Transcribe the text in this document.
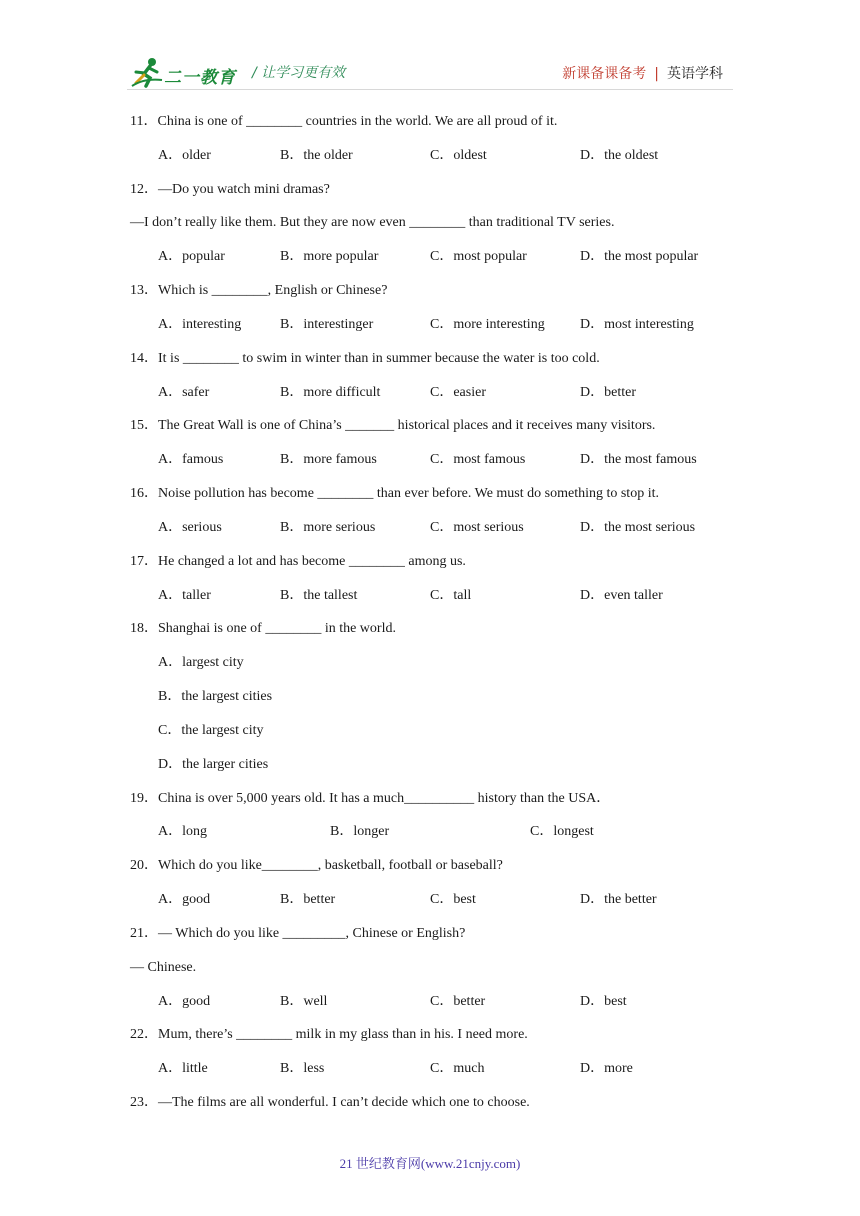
二一教育 / 让学习更有效	新课备课备考 | 英语学科
11．China is one of ________ countries in the world. We are all proud of it.
A．older	B．the older	C．oldest	D．the oldest
12．—Do you watch mini dramas?
—I don’t really like them. But they are now even ________ than traditional TV series.
A．popular	B．more popular	C．most popular	D．the most popular
13．Which is ________, English or Chinese?
A．interesting	B．interestinger	C．more interesting	D．most interesting
14．It is ________ to swim in winter than in summer because the water is too cold.
A．safer	B．more difficult	C．easier	D．better
15．The Great Wall is one of China’s _______ historical places and it receives many visitors.
A．famous	B．more famous	C．most famous	D．the most famous
16．Noise pollution has become ________ than ever before. We must do something to stop it.
A．serious	B．more serious	C．most serious	D．the most serious
17．He changed a lot and has become ________ among us.
A．taller	B．the tallest	C．tall	D．even taller
18．Shanghai is one of ________ in the world.
A．largest city
B．the largest cities
C．the largest city
D．the larger cities
19．China is over 5,000 years old. It has a much__________ history than the USA．
A．long	B．longer	C．longest
20．Which do you like________, basketball, football or baseball?
A．good	B．better	C．best	D．the better
21．— Which do you like _________, Chinese or English?
— Chinese.
A．good	B．well	C．better	D．best
22．Mum, there’s ________ milk in my glass than in his. I need more.
A．little	B．less	C．much	D．more
23．—The films are all wonderful. I can’t decide which one to choose.
21 世纪教育网(www.21cnjy.com)
